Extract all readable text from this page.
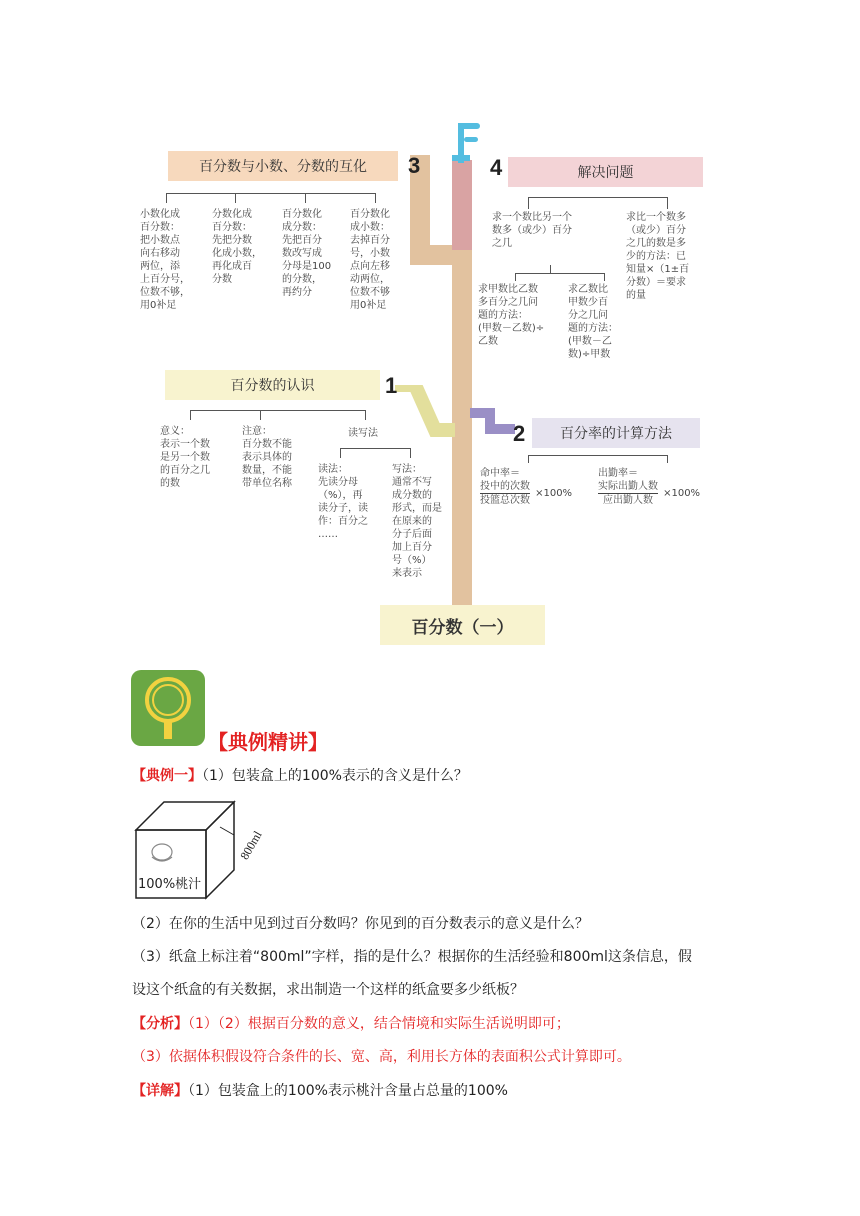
百分数与小数、分数的互化 3
小数化成
百分数：
把小数点
向右移动
两位，添
上百分号，
位数不够，
用0补足
分数化成
百分数：
先把分数
化成小数，
再化成百
分数
百分数化
成分数：
先把百分
数改写成
分母是100
的分数，
再约分
百分数化
成小数：
去掉百分
号，小数
点向左移
动两位，
位数不够
用0补足
4	解决问题
求一个数比另一个
数多（或少）百分
之几
求比一个数多
（或少）百分
之几的数是多
少的方法：已
知量×（1±百
分数）＝要求
的量
求甲数比乙数
多百分之几问
题的方法：
(甲数－乙数)÷
乙数
求乙数比
甲数少百
分之几问
题的方法：
(甲数－乙
数)÷甲数
百分数的认识	1
意义：
表示一个数
是另一个数
的百分之几
的数
注意：
百分数不能
表示具体的
数量，不能
带单位名称
读写法
读法：
先读分母
（%），再
读分子，读
作：百分之
……
写法：
通常不写
成分数的
形式，而是
在原来的
分子后面
加上百分
号（%）
来表示
2 百分率的计算方法
命中率＝
$\frac{\text{投中的次数}}{\text{投篮总次数}} \times 100\%$
出勤率＝
$\frac{\text{实际出勤人数}}{\text{应出勤人数}} \times 100\%$
百分数（一）
【典例精讲】
【典例一】（1）包装盒上的100%表示的含义是什么？
100%桃汁
800ml
（2）在你的生活中见到过百分数吗？你见到的百分数表示的意义是什么？
（3）纸盒上标注着“800ml”字样，指的是什么？根据你的生活经验和800ml这条信息，假
设这个纸盒的有关数据，求出制造一个这样的纸盒要多少纸板？
【分析】（1）（2）根据百分数的意义，结合情境和实际生活说明即可；
（3）依据体积假设符合条件的长、宽、高，利用长方体的表面积公式计算即可。
【详解】（1）包装盒上的100%表示桃汁含量占总量的100%
